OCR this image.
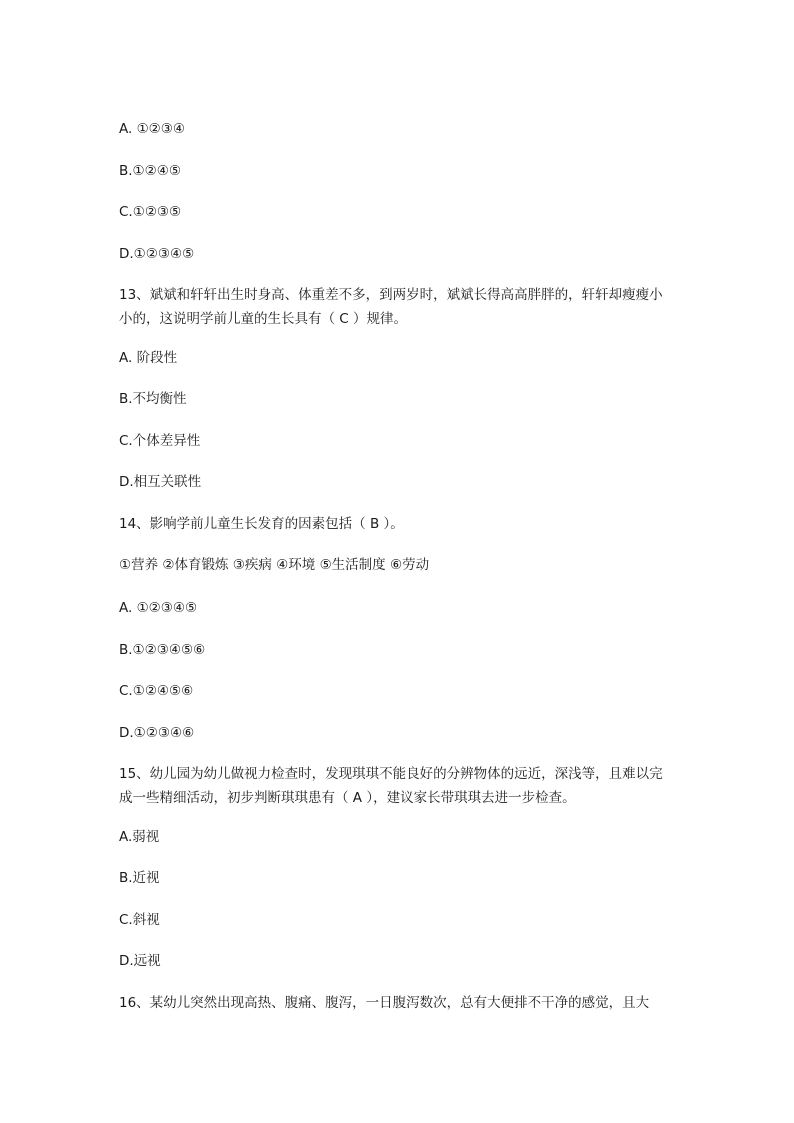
A. ①②③④
B.①②④⑤
C.①②③⑤
D.①②③④⑤
13、斌斌和轩轩出生时身高、体重差不多，到两岁时，斌斌长得高高胖胖的，轩轩却瘦瘦小小的，这说明学前儿童的生长具有（ C ）规律。
A. 阶段性
B.不均衡性
C.个体差异性
D.相互关联性
14、影响学前儿童生长发育的因素包括（ B ）。
①营养 ②体育锻炼 ③疾病 ④环境 ⑤生活制度 ⑥劳动
A. ①②③④⑤
B.①②③④⑤⑥
C.①②④⑤⑥
D.①②③④⑥
15、幼儿园为幼儿做视力检查时，发现琪琪不能良好的分辨物体的远近，深浅等，且难以完成一些精细活动，初步判断琪琪患有（ A ），建议家长带琪琪去进一步检查。
A.弱视
B.近视
C.斜视
D.远视
16、某幼儿突然出现高热、腹痛、腹泻，一日腹泻数次，总有大便排不干净的感觉，且大
